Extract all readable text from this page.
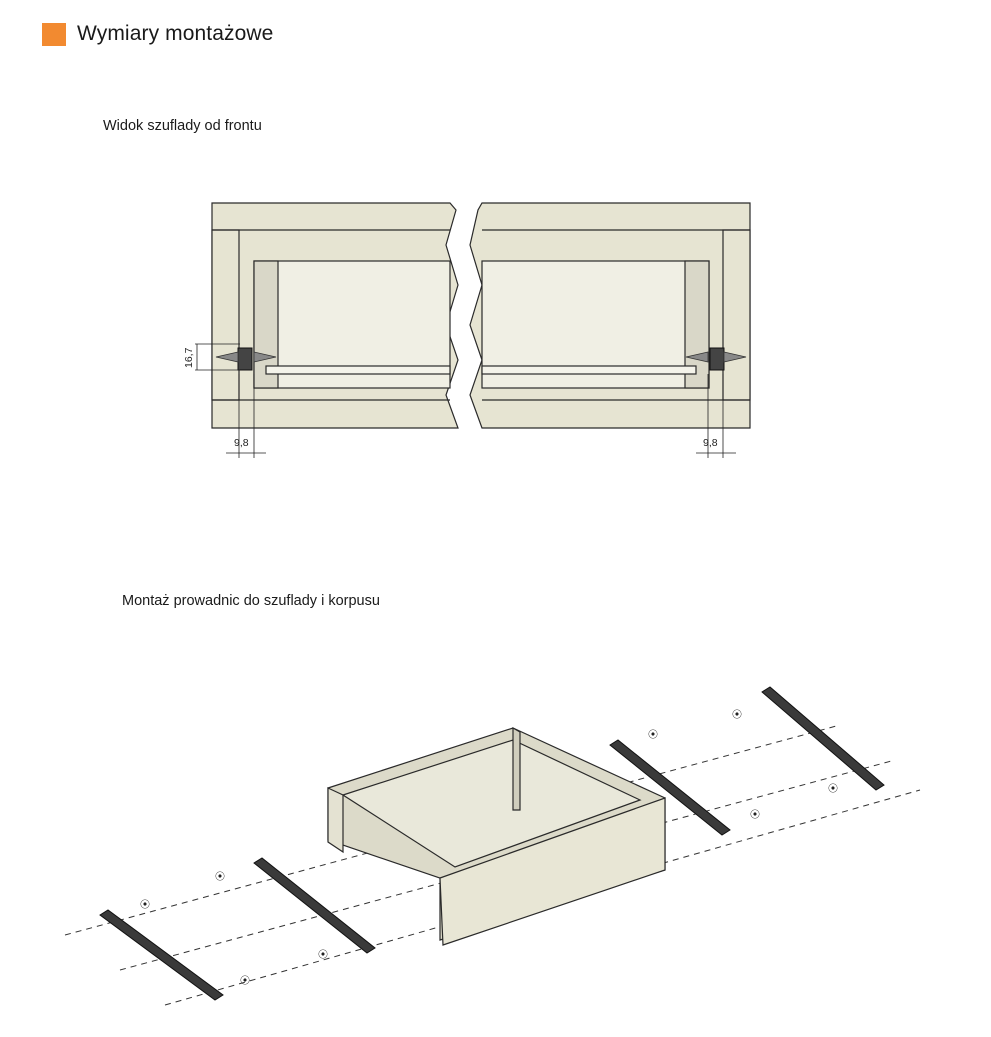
Wymiary montażowe
Widok szuflady od frontu
16,7
9,8	9,8
Montaż prowadnic do szuflady i korpusu
⦿
⦿
⦿
⦿
⦿
⦿
⦿
⦿
